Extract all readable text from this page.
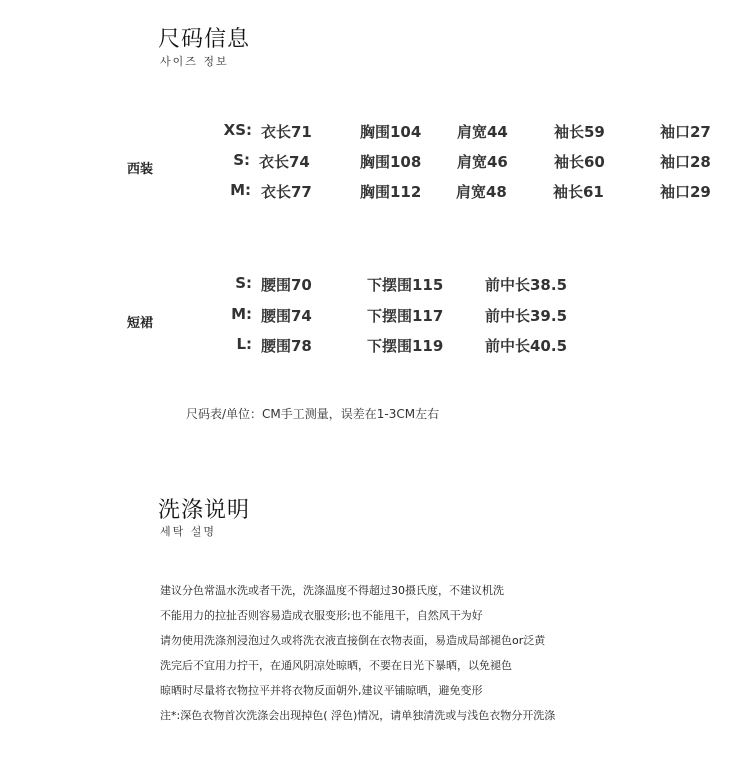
尺码信息
사이즈 정보
西装
XS: 衣长71	胸围104 肩宽44	袖长59	袖口27
S: 衣长74	胸围108 肩宽46	袖长60	袖口28
M: 衣长77	胸围112 肩宽48	袖长61	袖口29
短裙
S: 腰围70	下摆围115	前中长38.5
M: 腰围74	下摆围117	前中长39.5
L: 腰围78	下摆围119	前中长40.5
尺码表/单位：CM手工测量，误差在1-3CM左右
洗涤说明
세탁 설명
建议分色常温水洗或者干洗，洗涤温度不得超过30摄氏度，不建议机洗
不能用力的拉扯否则容易造成衣服变形;也不能甩干，自然风干为好
请勿使用洗涤剂浸泡过久或将洗衣液直接倒在衣物表面，易造成局部褪色or泛黄
洗完后不宜用力拧干，在通风阴凉处晾晒，不要在日光下暴晒，以免褪色
晾晒时尽量将衣物拉平并将衣物反面朝外,建议平铺晾晒，避免变形
注*:深色衣物首次洗涤会出现掉色( 浮色)情况，请单独清洗或与浅色衣物分开洗涤
